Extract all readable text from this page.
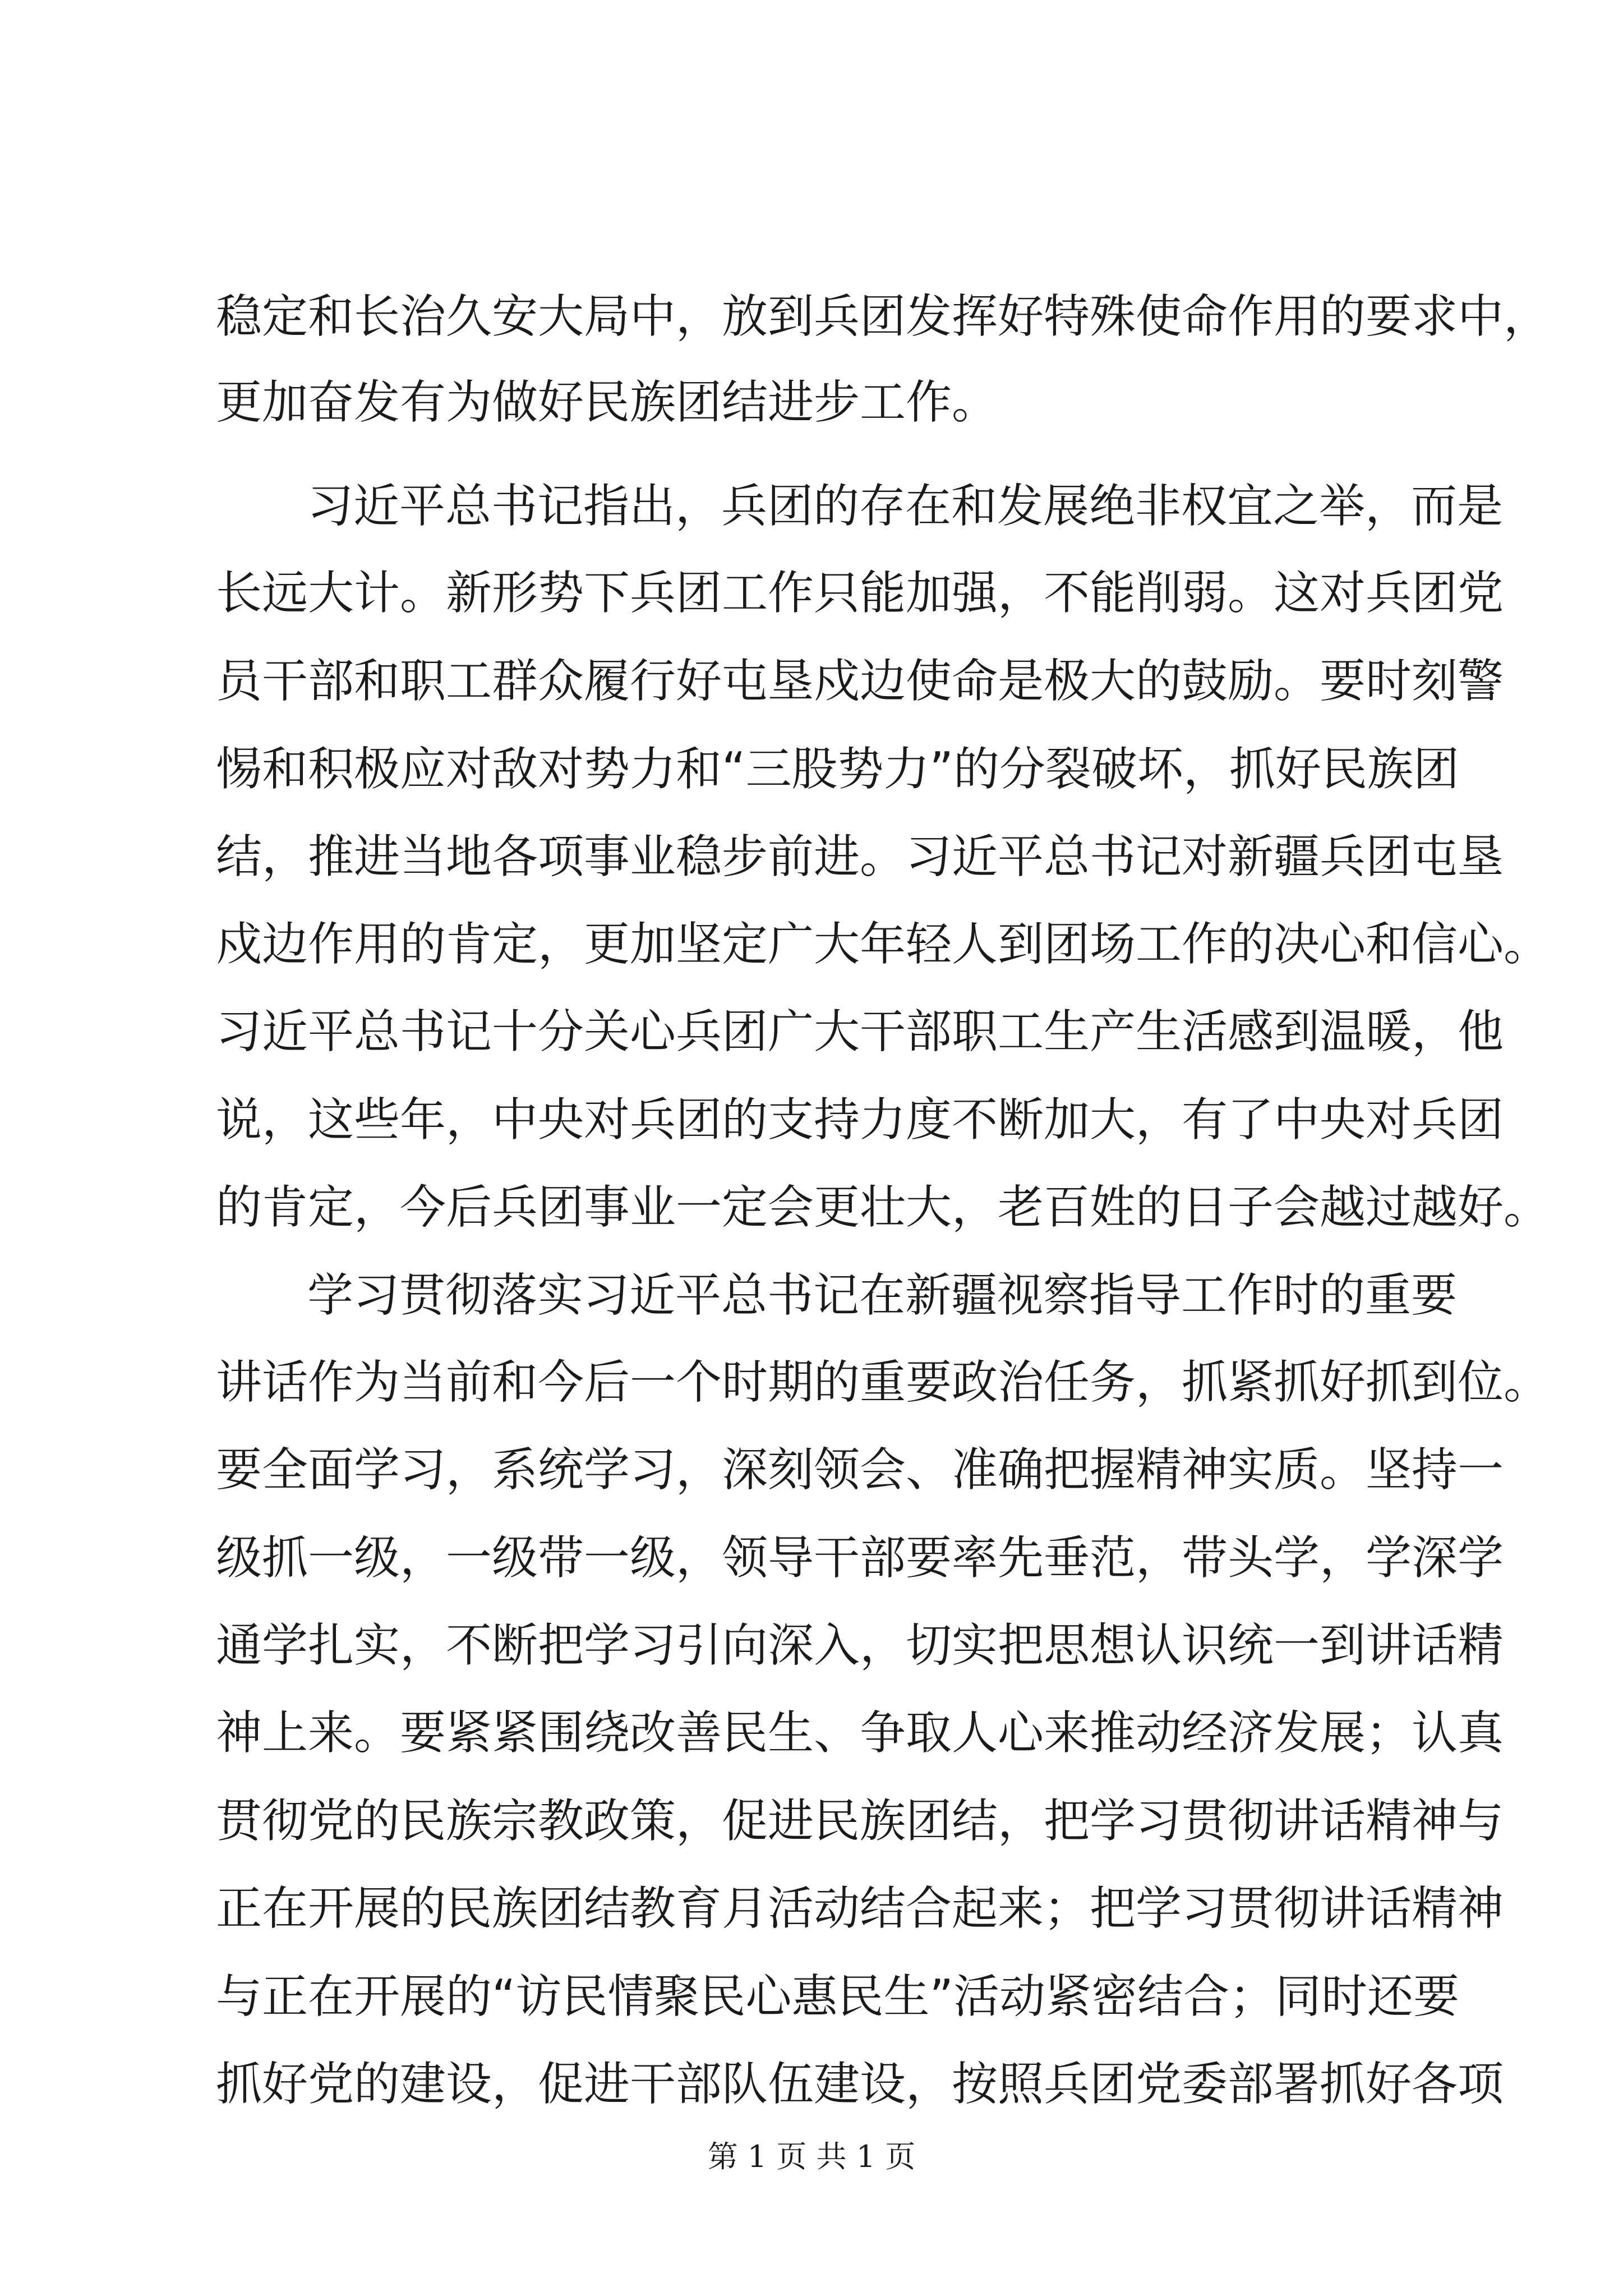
稳定和长治久安大局中，放到兵团发挥好特殊使命作用的要求中，
更加奋发有为做好民族团结进步工作。
习近平总书记指出，兵团的存在和发展绝非权宜之举，而是
长远大计。新形势下兵团工作只能加强，不能削弱。这对兵团党
员干部和职工群众履行好屯垦戍边使命是极大的鼓励。要时刻警
惕和积极应对敌对势力和“三股势力”的分裂破坏，抓好民族团
结，推进当地各项事业稳步前进。习近平总书记对新疆兵团屯垦
戍边作用的肯定，更加坚定广大年轻人到团场工作的决心和信心。
习近平总书记十分关心兵团广大干部职工生产生活感到温暖，他
说，这些年，中央对兵团的支持力度不断加大，有了中央对兵团
的肯定，今后兵团事业一定会更壮大，老百姓的日子会越过越好。
学习贯彻落实习近平总书记在新疆视察指导工作时的重要
讲话作为当前和今后一个时期的重要政治任务，抓紧抓好抓到位。
要全面学习，系统学习，深刻领会、准确把握精神实质。坚持一
级抓一级，一级带一级，领导干部要率先垂范，带头学，学深学
通学扎实，不断把学习引向深入，切实把思想认识统一到讲话精
神上来。要紧紧围绕改善民生、争取人心来推动经济发展；认真
贯彻党的民族宗教政策，促进民族团结，把学习贯彻讲话精神与
正在开展的民族团结教育月活动结合起来；把学习贯彻讲话精神
与正在开展的“访民情聚民心惠民生”活动紧密结合；同时还要
第 1 页 共 1 页
抓好党的建设，促进干部队伍建设，按照兵团党委部署抓好各项
